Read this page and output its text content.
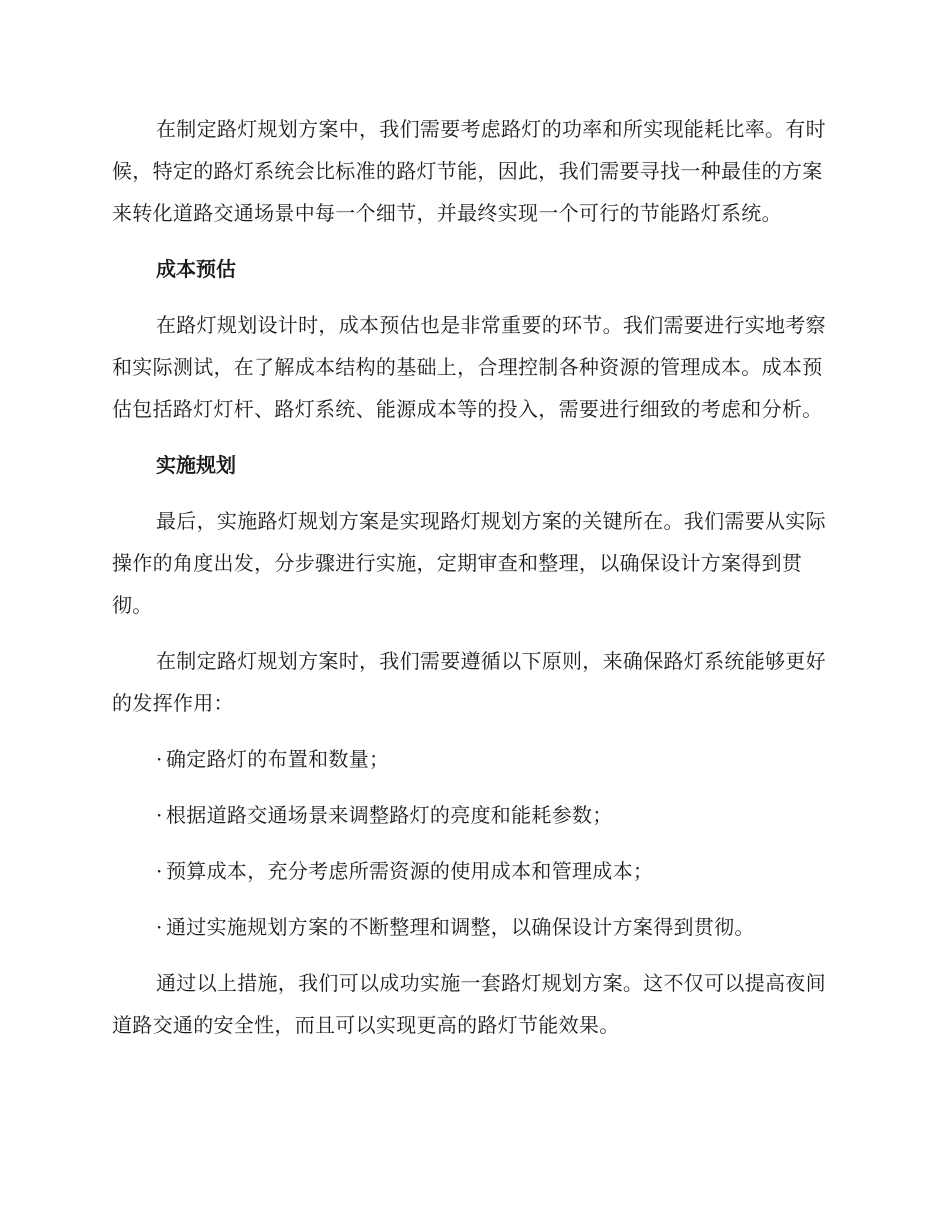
在制定路灯规划方案中，我们需要考虑路灯的功率和所实现能耗比率。有时候，特定的路灯系统会比标准的路灯节能，因此，我们需要寻找一种最佳的方案来转化道路交通场景中每一个细节，并最终实现一个可行的节能路灯系统。

成本预估

在路灯规划设计时，成本预估也是非常重要的环节。我们需要进行实地考察和实际测试，在了解成本结构的基础上，合理控制各种资源的管理成本。成本预估包括路灯灯杆、路灯系统、能源成本等的投入，需要进行细致的考虑和分析。

实施规划

最后，实施路灯规划方案是实现路灯规划方案的关键所在。我们需要从实际操作的角度出发，分步骤进行实施，定期审查和整理，以确保设计方案得到贯彻。

在制定路灯规划方案时，我们需要遵循以下原则，来确保路灯系统能够更好的发挥作用：

· 确定路灯的布置和数量；

· 根据道路交通场景来调整路灯的亮度和能耗参数；

· 预算成本，充分考虑所需资源的使用成本和管理成本；

· 通过实施规划方案的不断整理和调整，以确保设计方案得到贯彻。

通过以上措施，我们可以成功实施一套路灯规划方案。这不仅可以提高夜间道路交通的安全性，而且可以实现更高的路灯节能效果。
